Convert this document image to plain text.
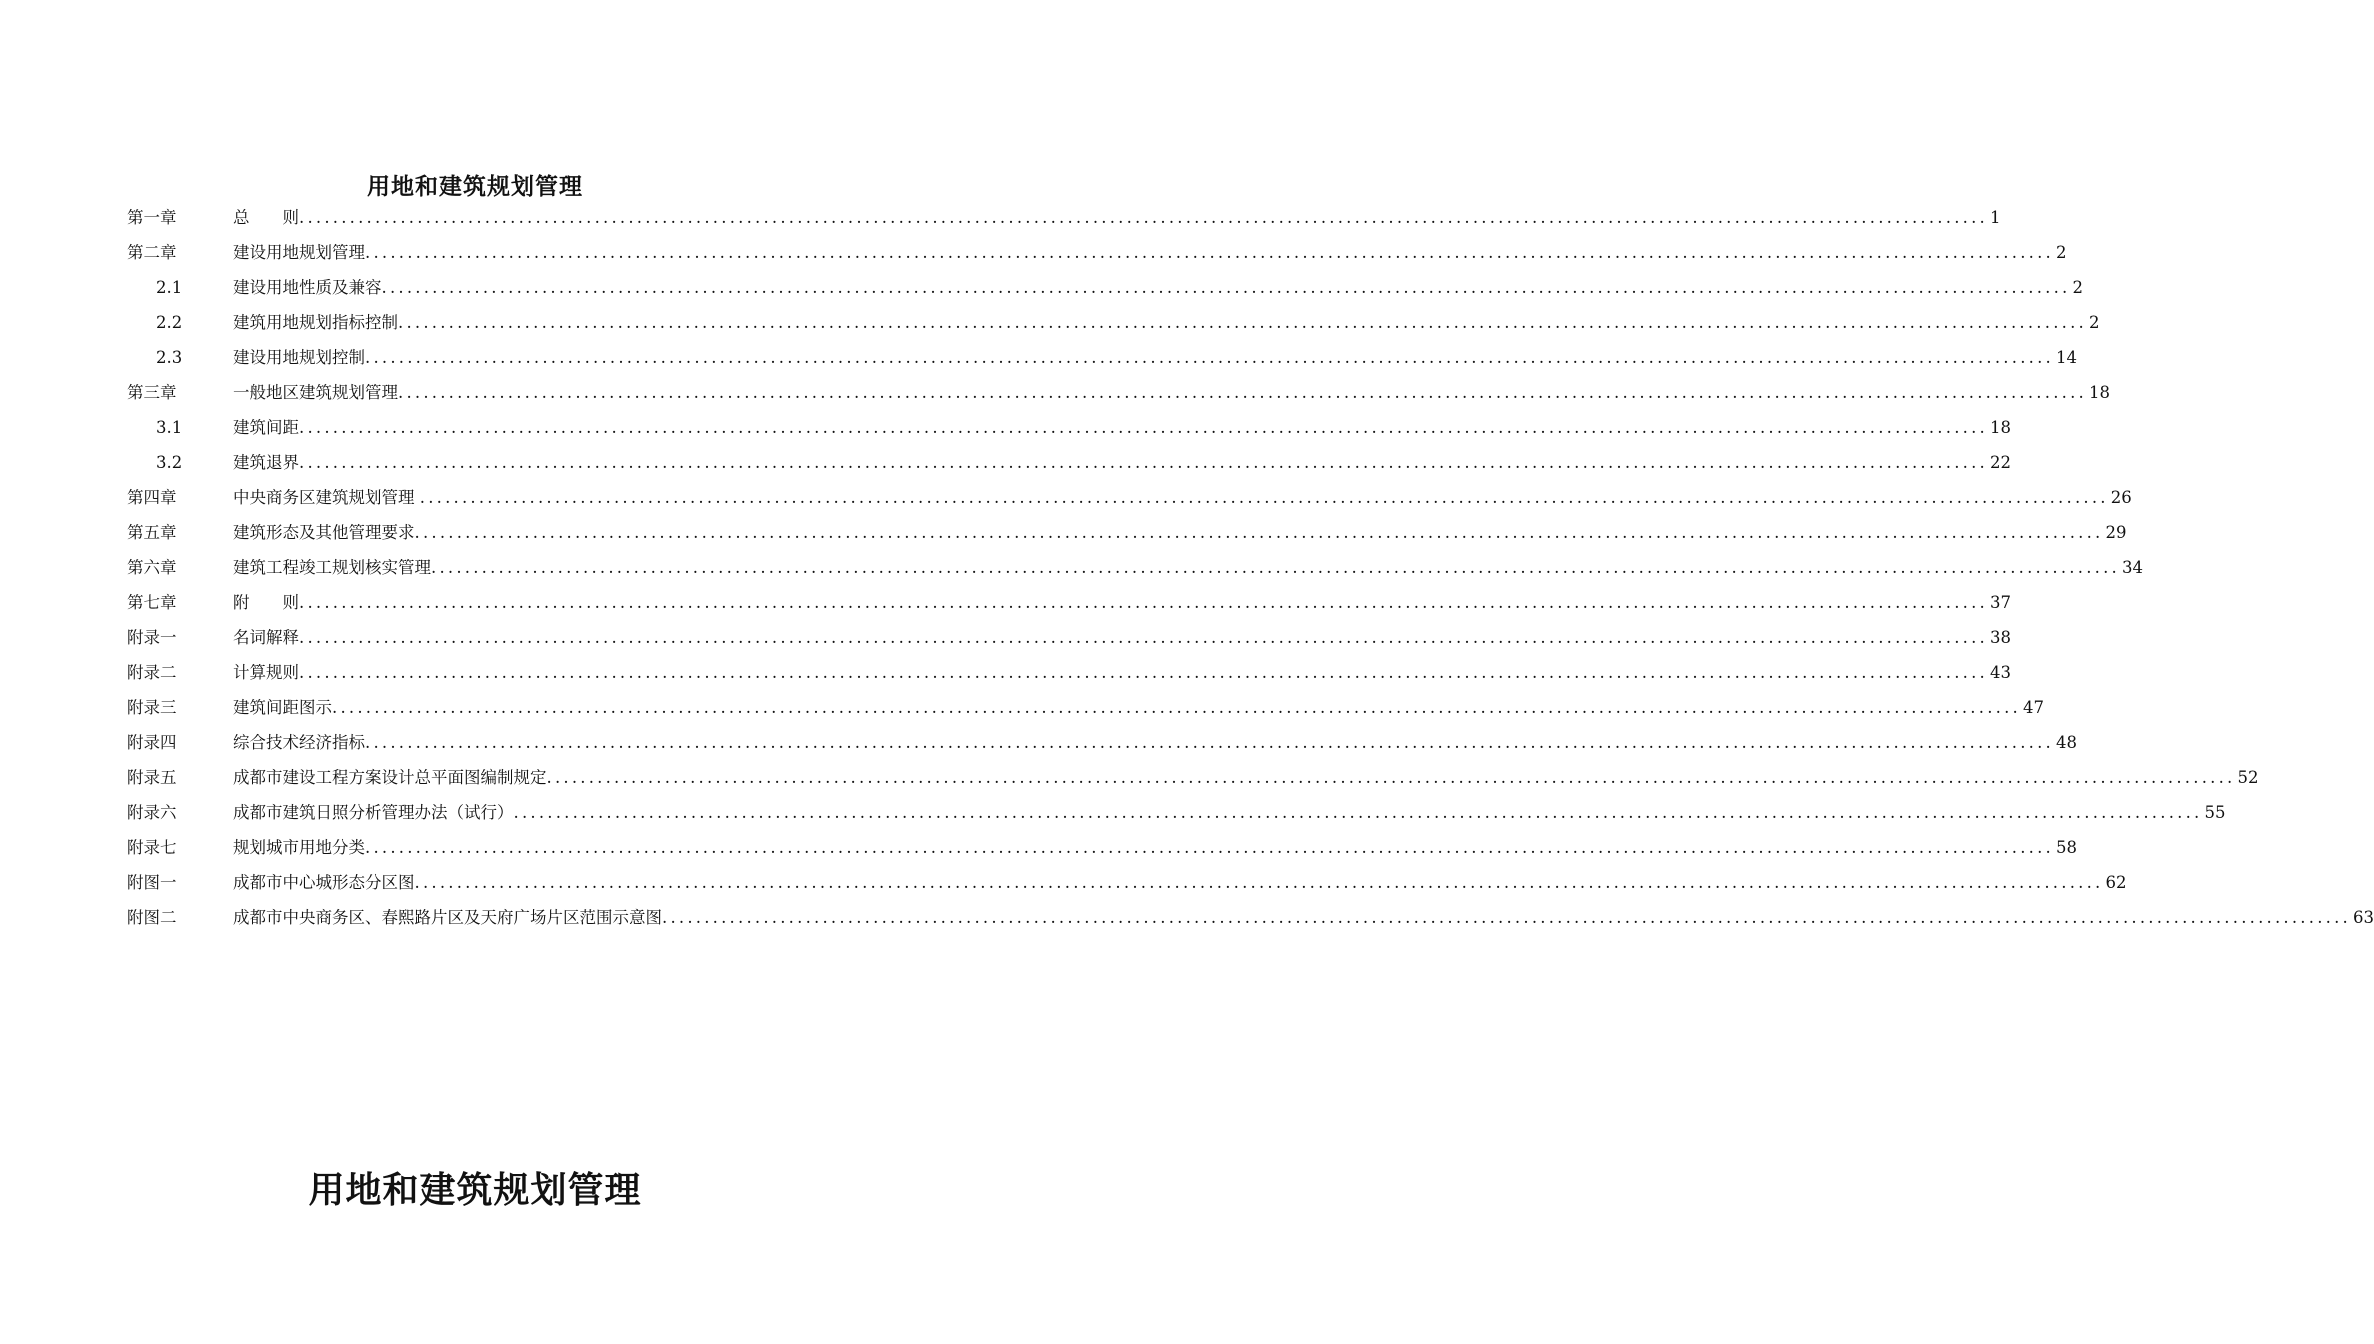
用地和建筑规划管理
第一章	总　　则 ........................................................................................................................................................................................................ 1
第二章	建设用地规划管理 ........................................................................................................................................................................................................ 2
2.1	建设用地性质及兼容 ........................................................................................................................................................................................................ 2
2.2	建筑用地规划指标控制 ........................................................................................................................................................................................................ 2
2.3	建设用地规划控制 ........................................................................................................................................................................................................ 14
第三章	一般地区建筑规划管理 ........................................................................................................................................................................................................ 18
3.1	建筑间距 ........................................................................................................................................................................................................ 18
3.2	建筑退界 ........................................................................................................................................................................................................ 22
第四章	中央商务区建筑规划管理 ........................................................................................................................................................................................................ 26
第五章	建筑形态及其他管理要求 ........................................................................................................................................................................................................ 29
第六章	建筑工程竣工规划核实管理 ........................................................................................................................................................................................................ 34
第七章	附　　则 ........................................................................................................................................................................................................ 37
附录一	名词解释 ........................................................................................................................................................................................................ 38
附录二	计算规则 ........................................................................................................................................................................................................ 43
附录三	建筑间距图示 ........................................................................................................................................................................................................ 47
附录四	综合技术经济指标 ........................................................................................................................................................................................................ 48
附录五	成都市建设工程方案设计总平面图编制规定 ........................................................................................................................................................................................................ 52
附录六	成都市建筑日照分析管理办法（试行） ........................................................................................................................................................................................................ 55
附录七	规划城市用地分类 ........................................................................................................................................................................................................ 58
附图一	成都市中心城形态分区图 ........................................................................................................................................................................................................ 62
附图二	成都市中央商务区、春熙路片区及天府广场片区范围示意图 ........................................................................................................................................................................................................ 63
用地和建筑规划管理
